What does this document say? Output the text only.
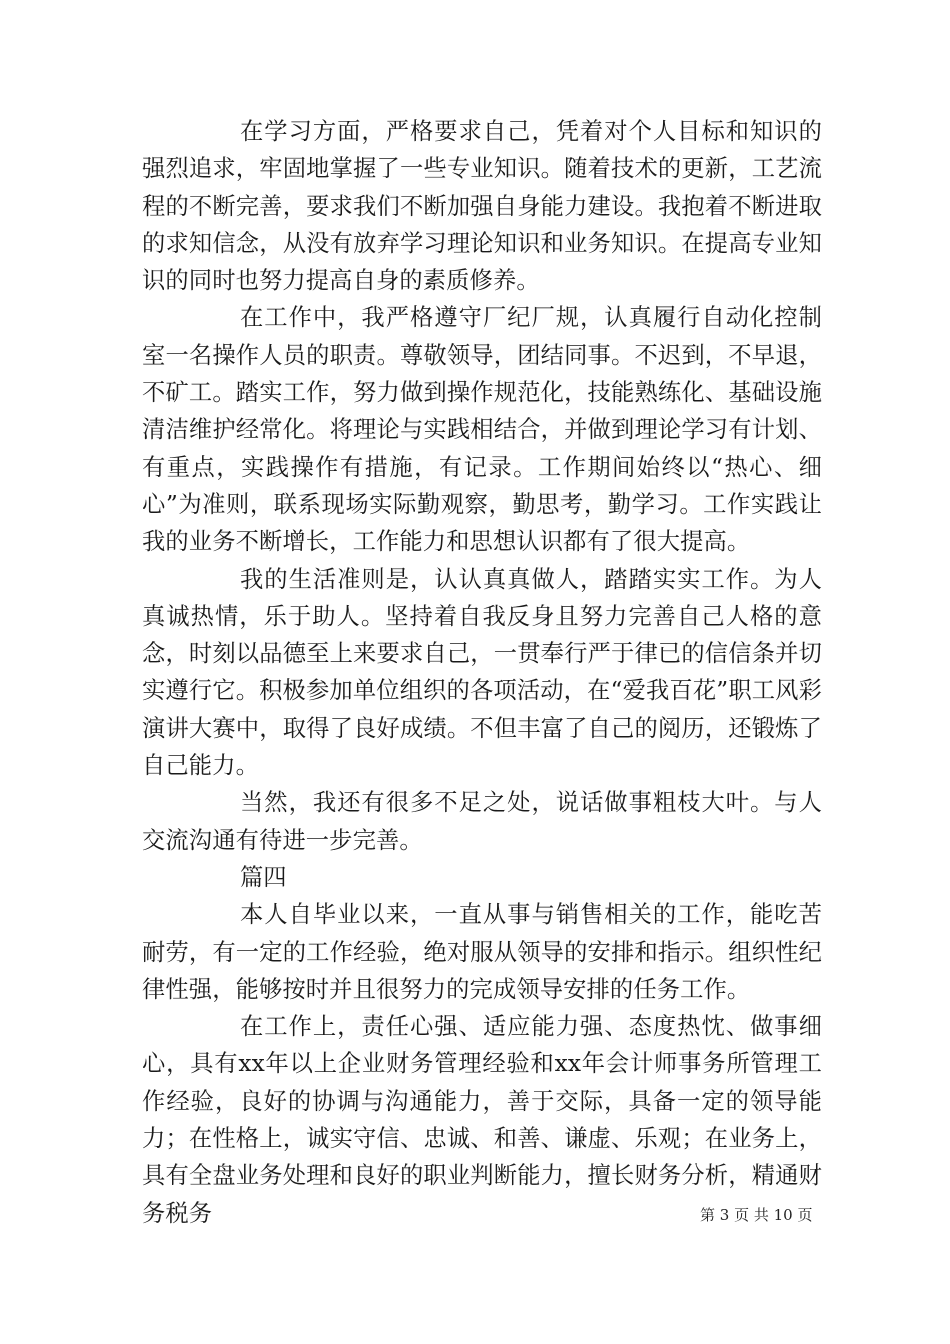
在学习方面，严格要求自己，凭着对个人目标和知识的强烈追求，牢固地掌握了一些专业知识。随着技术的更新，工艺流程的不断完善，要求我们不断加强自身能力建设。我抱着不断进取的求知信念，从没有放弃学习理论知识和业务知识。在提高专业知识的同时也努力提高自身的素质修养。

在工作中，我严格遵守厂纪厂规，认真履行自动化控制室一名操作人员的职责。尊敬领导，团结同事。不迟到，不早退，不矿工。踏实工作，努力做到操作规范化，技能熟练化、基础设施清洁维护经常化。将理论与实践相结合，并做到理论学习有计划、有重点，实践操作有措施，有记录。工作期间始终以“热心、细心”为准则，联系现场实际勤观察，勤思考，勤学习。工作实践让我的业务不断增长，工作能力和思想认识都有了很大提高。

我的生活准则是，认认真真做人，踏踏实实工作。为人真诚热情，乐于助人。坚持着自我反身且努力完善自己人格的意念，时刻以品德至上来要求自己，一贯奉行严于律已的信信条并切实遵行它。积极参加单位组织的各项活动，在“爱我百花”职工风彩演讲大赛中，取得了良好成绩。不但丰富了自己的阅历，还锻炼了自己能力。

当然，我还有很多不足之处，说话做事粗枝大叶。与人交流沟通有待进一步完善。

篇四

本人自毕业以来，一直从事与销售相关的工作，能吃苦耐劳，有一定的工作经验，绝对服从领导的安排和指示。组织性纪律性强，能够按时并且很努力的完成领导安排的任务工作。

在工作上，责任心强、适应能力强、态度热忱、做事细心，具有xx年以上企业财务管理经验和xx年会计师事务所管理工作经验，良好的协调与沟通能力，善于交际，具备一定的领导能力；在性格上，诚实守信、忠诚、和善、谦虚、乐观；在业务上，具有全盘业务处理和良好的职业判断能力，擅长财务分析，精通财务税务	第 3 页 共 10 页
